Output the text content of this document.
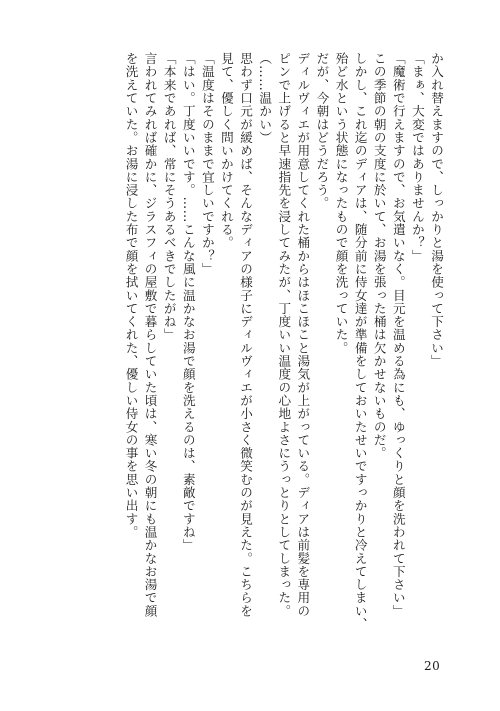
か入れ替えますので、しっかりと湯を使って下さい」

「まぁ、大変ではありませんか？」

「魔術で行えますので、お気遣いなく。目元を温める為にも、ゆっくりと顔を洗われて下さい」

この季節の朝の支度に於いて、お湯を張った桶は欠かせないものだ。

しかし、これ迄のディアは、随分前に侍女達が準備をしておいたせいですっかりと冷えてしまい、

殆ど水という状態になったもので顔を洗っていた。

だが、今朝はどうだろう。

ディルヴィエが用意してくれた桶からはほこほこと湯気が上がっている。ディアは前髪を専用の

ピンで上げると早速指先を浸してみたが、丁度いい温度の心地よさにうっとりとしてしまった。

（……温かい）

思わず口元が緩めば、そんなディアの様子にディルヴィエが小さく微笑むのが見えた。こちらを

見て、優しく問いかけてくれる。

「温度はそのままで宜しいですか？」

「はい。丁度いいです。……こんな風に温かなお湯で顔を洗えるのは、素敵ですね」

「本来であれば、常にそうあるべきでしたがね」

言われてみれば確かに、ジラスフィの屋敷で暮らしていた頃は、寒い冬の朝にも温かなお湯で顔

を洗えていた。お湯に浸した布で顔を拭いてくれた、優しい侍女の事を思い出す。

20
